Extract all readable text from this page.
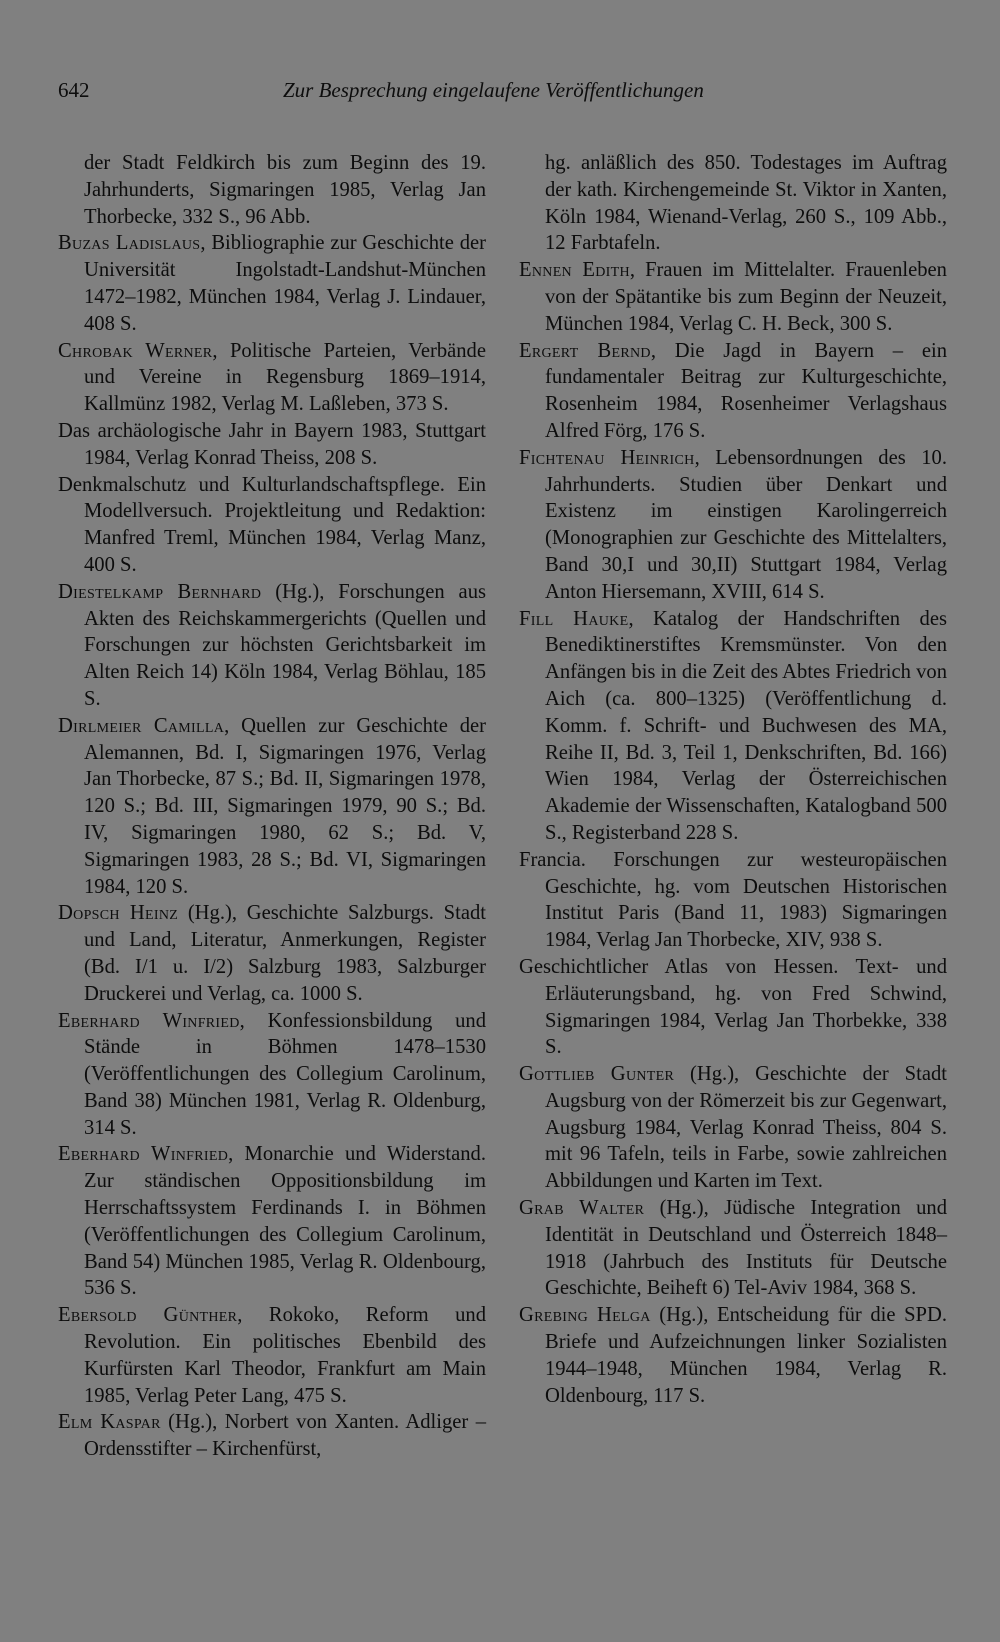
642	Zur Besprechung eingelaufene Veröffentlichungen

der Stadt Feldkirch bis zum Beginn des 19. Jahrhunderts, Sigmaringen 1985, Verlag Jan Thorbecke, 332 S., 96 Abb.

Buzas Ladislaus, Bibliographie zur Geschichte der Universität Ingolstadt-Landshut-München 1472–1982, München 1984, Verlag J. Lindauer, 408 S.

Chrobak Werner, Politische Parteien, Verbände und Vereine in Regensburg 1869–1914, Kallmünz 1982, Verlag M. Laßleben, 373 S.

Das archäologische Jahr in Bayern 1983, Stuttgart 1984, Verlag Konrad Theiss, 208 S.

Denkmalschutz und Kulturlandschaftspflege. Ein Modellversuch. Projektleitung und Redaktion: Manfred Treml, München 1984, Verlag Manz, 400 S.

Diestelkamp Bernhard (Hg.), Forschungen aus Akten des Reichskammergerichts (Quellen und Forschungen zur höchsten Gerichtsbarkeit im Alten Reich 14) Köln 1984, Verlag Böhlau, 185 S.

Dirlmeier Camilla, Quellen zur Geschichte der Alemannen, Bd. I, Sigmaringen 1976, Verlag Jan Thorbecke, 87 S.; Bd. II, Sigmaringen 1978, 120 S.; Bd. III, Sigmaringen 1979, 90 S.; Bd. IV, Sigmaringen 1980, 62 S.; Bd. V, Sigmaringen 1983, 28 S.; Bd. VI, Sigmaringen 1984, 120 S.

Dopsch Heinz (Hg.), Geschichte Salzburgs. Stadt und Land, Literatur, Anmerkungen, Register (Bd. I/1 u. I/2) Salzburg 1983, Salzburger Druckerei und Verlag, ca. 1000 S.

Eberhard Winfried, Konfessionsbildung und Stände in Böhmen 1478–1530 (Veröffentlichungen des Collegium Carolinum, Band 38) München 1981, Verlag R. Oldenburg, 314 S.

Eberhard Winfried, Monarchie und Widerstand. Zur ständischen Oppositionsbildung im Herrschaftssystem Ferdinands I. in Böhmen (Veröffentlichungen des Collegium Carolinum, Band 54) München 1985, Verlag R. Oldenbourg, 536 S.

Ebersold Günther, Rokoko, Reform und Revolution. Ein politisches Ebenbild des Kurfürsten Karl Theodor, Frankfurt am Main 1985, Verlag Peter Lang, 475 S.

Elm Kaspar (Hg.), Norbert von Xanten. Adliger – Ordensstifter – Kirchenfürst,

hg. anläßlich des 850. Todestages im Auftrag der kath. Kirchengemeinde St. Viktor in Xanten, Köln 1984, Wienand-Verlag, 260 S., 109 Abb., 12 Farbtafeln.

Ennen Edith, Frauen im Mittelalter. Frauenleben von der Spätantike bis zum Beginn der Neuzeit, München 1984, Verlag C. H. Beck, 300 S.

Ergert Bernd, Die Jagd in Bayern – ein fundamentaler Beitrag zur Kulturgeschichte, Rosenheim 1984, Rosenheimer Verlagshaus Alfred Förg, 176 S.

Fichtenau Heinrich, Lebensordnungen des 10. Jahrhunderts. Studien über Denkart und Existenz im einstigen Karolingerreich (Monographien zur Geschichte des Mittelalters, Band 30,I und 30,II) Stuttgart 1984, Verlag Anton Hiersemann, XVIII, 614 S.

Fill Hauke, Katalog der Handschriften des Benediktinerstiftes Kremsmünster. Von den Anfängen bis in die Zeit des Abtes Friedrich von Aich (ca. 800–1325) (Veröffentlichung d. Komm. f. Schrift- und Buchwesen des MA, Reihe II, Bd. 3, Teil 1, Denkschriften, Bd. 166) Wien 1984, Verlag der Österreichischen Akademie der Wissenschaften, Katalogband 500 S., Registerband 228 S.

Francia. Forschungen zur westeuropäischen Geschichte, hg. vom Deutschen Historischen Institut Paris (Band 11, 1983) Sigmaringen 1984, Verlag Jan Thorbecke, XIV, 938 S.

Geschichtlicher Atlas von Hessen. Text- und Erläuterungsband, hg. von Fred Schwind, Sigmaringen 1984, Verlag Jan Thorbekke, 338 S.

Gottlieb Gunter (Hg.), Geschichte der Stadt Augsburg von der Römerzeit bis zur Gegenwart, Augsburg 1984, Verlag Konrad Theiss, 804 S. mit 96 Tafeln, teils in Farbe, sowie zahlreichen Abbildungen und Karten im Text.

Grab Walter (Hg.), Jüdische Integration und Identität in Deutschland und Österreich 1848–1918 (Jahrbuch des Instituts für Deutsche Geschichte, Beiheft 6) Tel-Aviv 1984, 368 S.

Grebing Helga (Hg.), Entscheidung für die SPD. Briefe und Aufzeichnungen linker Sozialisten 1944–1948, München 1984, Verlag R. Oldenbourg, 117 S.
